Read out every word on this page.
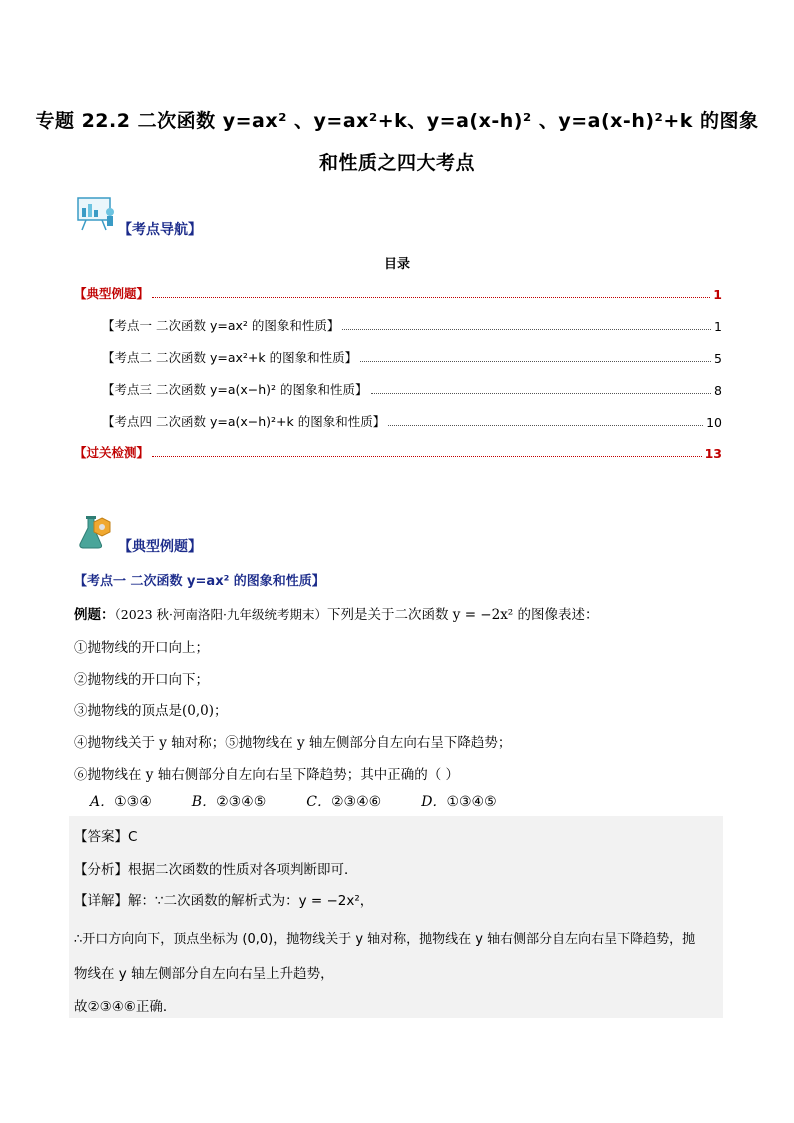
专题 22.2 二次函数 y=ax² 、y=ax²+k、y=a(x-h)² 、y=a(x-h)²+k 的图象
和性质之四大考点
【考点导航】
目录
【典型例题】	1
【考点一 二次函数 y=ax² 的图象和性质】	1
【考点二 二次函数 y=ax²+k 的图象和性质】	5
【考点三 二次函数 y=a(x−h)² 的图象和性质】	8
【考点四 二次函数 y=a(x−h)²+k 的图象和性质】	10
【过关检测】	13
【典型例题】
【考点一 二次函数 y=ax² 的图象和性质】
例题：（2023 秋·河南洛阳·九年级统考期末）下列是关于二次函数 y = −2x² 的图像表述：
①抛物线的开口向上；
②抛物线的开口向下；
③抛物线的顶点是(0,0)；
④抛物线关于 y 轴对称；⑤抛物线在 y 轴左侧部分自左向右呈下降趋势；
⑥抛物线在 y 轴右侧部分自左向右呈下降趋势；其中正确的（ ）
A．①③④	B．②③④⑤	C．②③④⑥	D．①③④⑤
【答案】C
【分析】根据二次函数的性质对各项判断即可．
【详解】解：∵二次函数的解析式为：y = −2x²，
∴开口方向向下，顶点坐标为 (0,0)，抛物线关于 y 轴对称，抛物线在 y 轴右侧部分自左向右呈下降趋势，抛
物线在 y 轴左侧部分自左向右呈上升趋势，
故②③④⑥正确．
